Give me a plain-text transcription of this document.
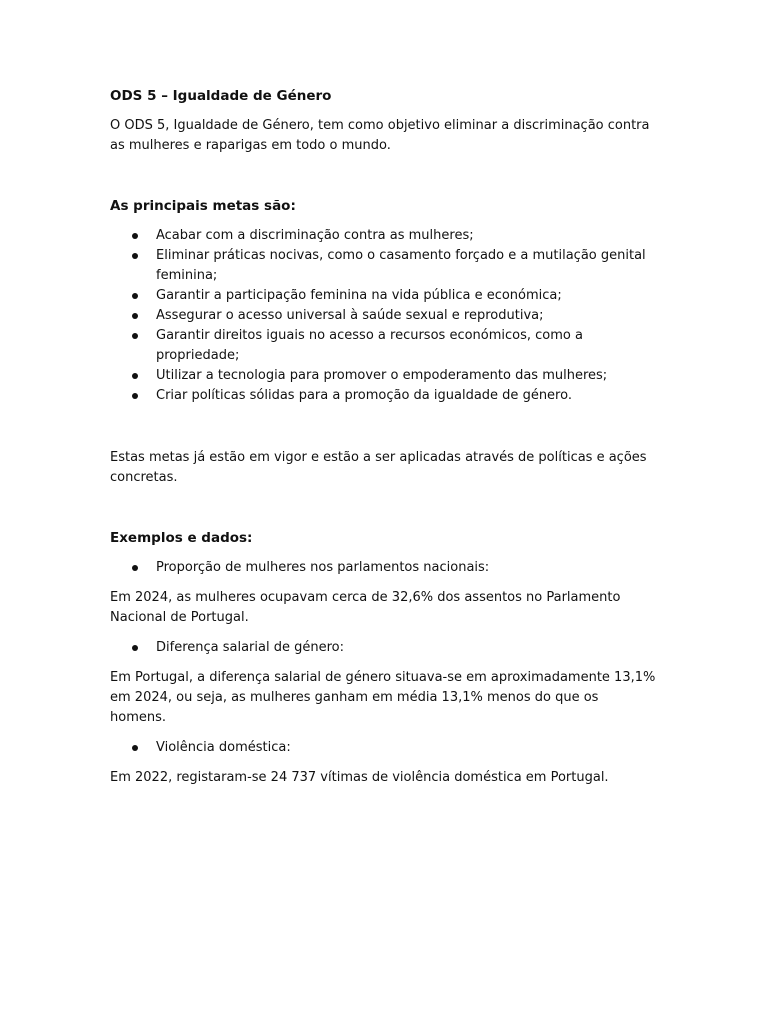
ODS 5 – Igualdade de Género

O ODS 5, Igualdade de Género, tem como objetivo eliminar a discriminação contra as mulheres e raparigas em todo o mundo.

As principais metas são:
Acabar com a discriminação contra as mulheres;
Eliminar práticas nocivas, como o casamento forçado e a mutilação genital feminina;
Garantir a participação feminina na vida pública e económica;
Assegurar o acesso universal à saúde sexual e reprodutiva;
Garantir direitos iguais no acesso a recursos económicos, como a propriedade;
Utilizar a tecnologia para promover o empoderamento das mulheres;
Criar políticas sólidas para a promoção da igualdade de género.

Estas metas já estão em vigor e estão a ser aplicadas através de políticas e ações concretas.

Exemplos e dados:
Proporção de mulheres nos parlamentos nacionais:

Em 2024, as mulheres ocupavam cerca de 32,6% dos assentos no Parlamento Nacional de Portugal.

Diferença salarial de género:

Em Portugal, a diferença salarial de género situava-se em aproximadamente 13,1% em 2024, ou seja, as mulheres ganham em média 13,1% menos do que os homens.

Violência doméstica:

Em 2022, registaram-se 24 737 vítimas de violência doméstica em Portugal.
